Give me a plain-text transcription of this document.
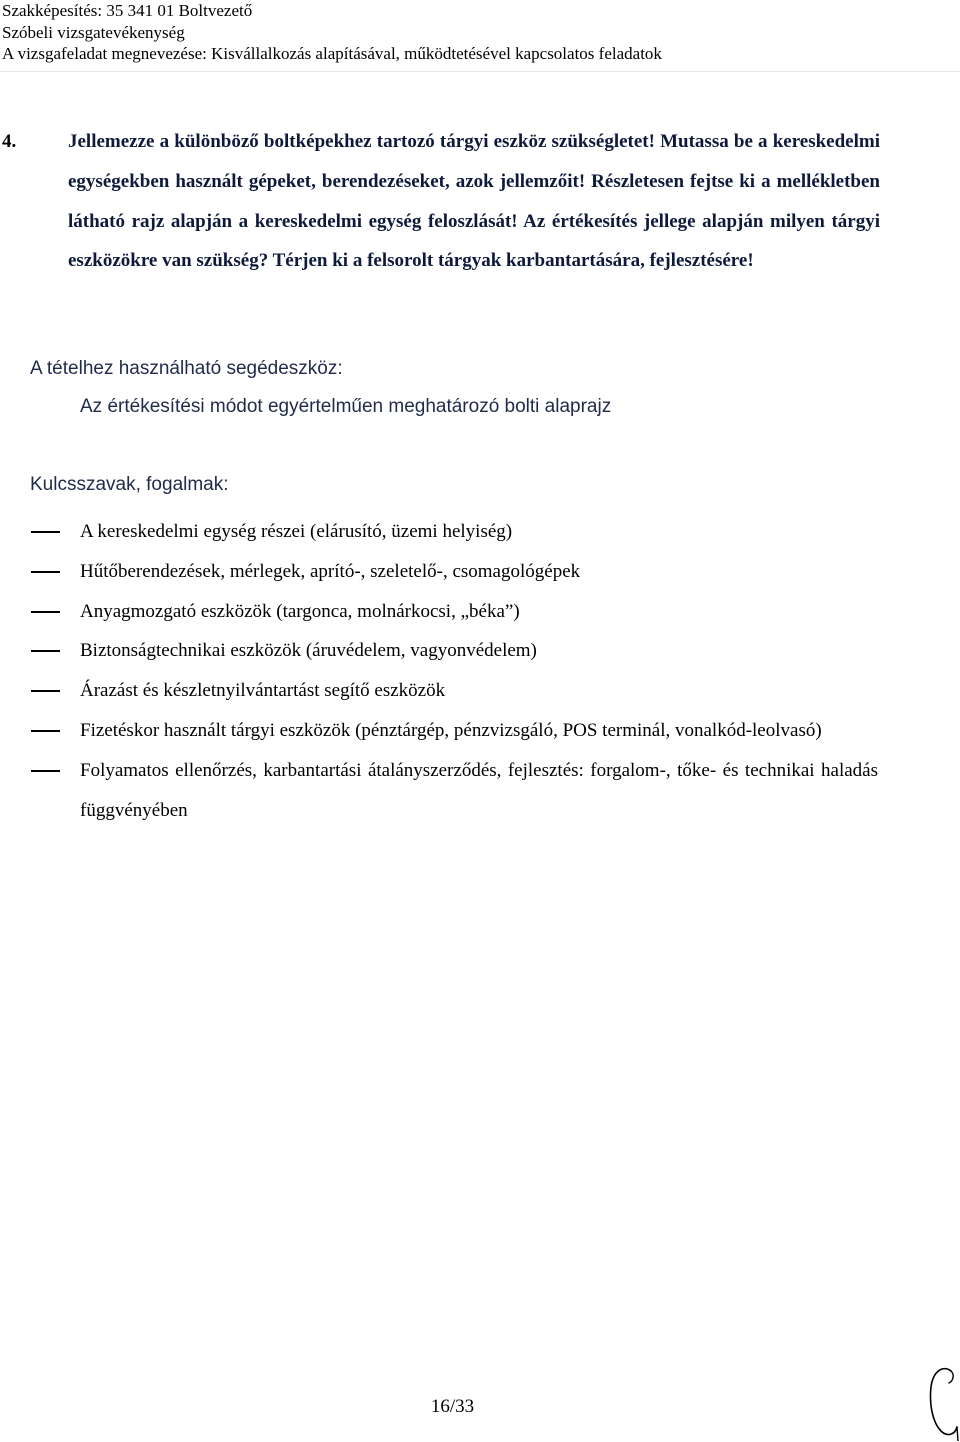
Szakképesítés: 35 341 01 Boltvezető
Szóbeli vizsgatevékenység
A vizsgafeladat megnevezése: Kisvállalkozás alapításával, működtetésével kapcsolatos feladatok
4.	Jellemezze a különböző boltképekhez tartozó tárgyi eszköz szükségletet! Mutassa be a kereskedelmi egységekben használt gépeket, berendezéseket, azok jellemzőit! Részletesen fejtse ki a mellékletben látható rajz alapján a kereskedelmi egység feloszlását! Az értékesítés jellege alapján milyen tárgyi eszközökre van szükség? Térjen ki a felsorolt tárgyak karbantartására, fejlesztésére!
A tételhez használható segédeszköz:
Az értékesítési módot egyértelműen meghatározó bolti alaprajz
Kulcsszavak, fogalmak:
A kereskedelmi egység részei (elárusító, üzemi helyiség)
Hűtőberendezések, mérlegek, aprító-, szeletelő-, csomagológépek
Anyagmozgató eszközök (targonca, molnárkocsi, „béka”)
Biztonságtechnikai eszközök (áruvédelem, vagyonvédelem)
Árazást és készletnyilvántartást segítő eszközök
Fizetéskor használt tárgyi eszközök (pénztárgép, pénzvizsgáló, POS terminál, vonalkód-leolvasó)
Folyamatos ellenőrzés, karbantartási átalányszerződés, fejlesztés: forgalom-, tőke- és technikai haladás függvényében
16/33
